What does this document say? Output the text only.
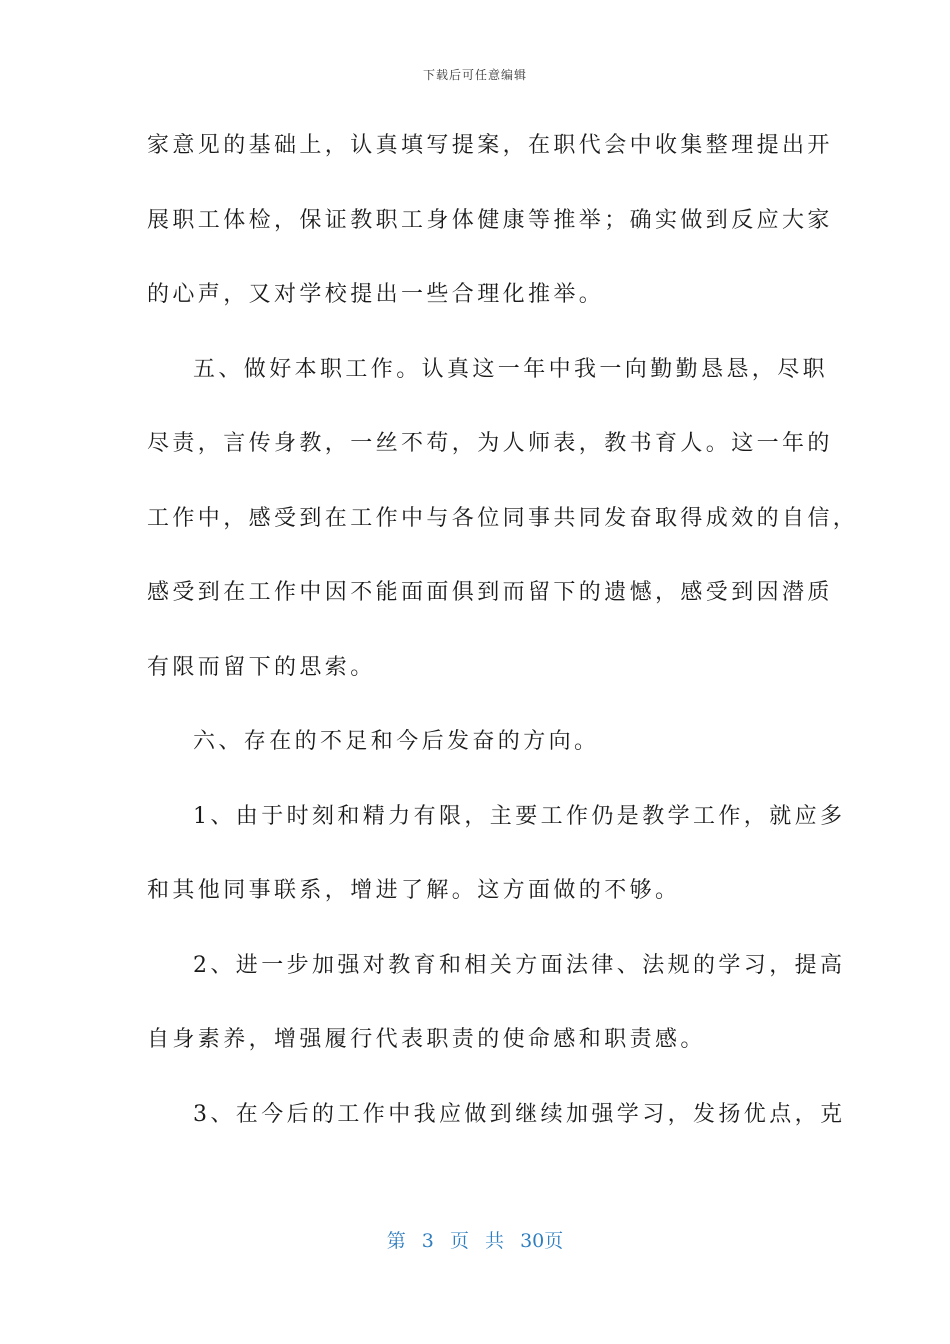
下载后可任意编辑
家意见的基础上，认真填写提案，在职代会中收集整理提出开
展职工体检，保证教职工身体健康等推举；确实做到反应大家
的心声，又对学校提出一些合理化推举。
五、做好本职工作。认真这一年中我一向勤勤恳恳，尽职
尽责，言传身教，一丝不苟，为人师表，教书育人。这一年的
工作中，感受到在工作中与各位同事共同发奋取得成效的自信，
感受到在工作中因不能面面俱到而留下的遗憾，感受到因潜质
有限而留下的思索。
六、存在的不足和今后发奋的方向。
1、由于时刻和精力有限，主要工作仍是教学工作，就应多
和其他同事联系，增进了解。这方面做的不够。
2、进一步加强对教育和相关方面法律、法规的学习，提高
自身素养，增强履行代表职责的使命感和职责感。
3、在今后的工作中我应做到继续加强学习，发扬优点，克
第 3 页 共 30页
